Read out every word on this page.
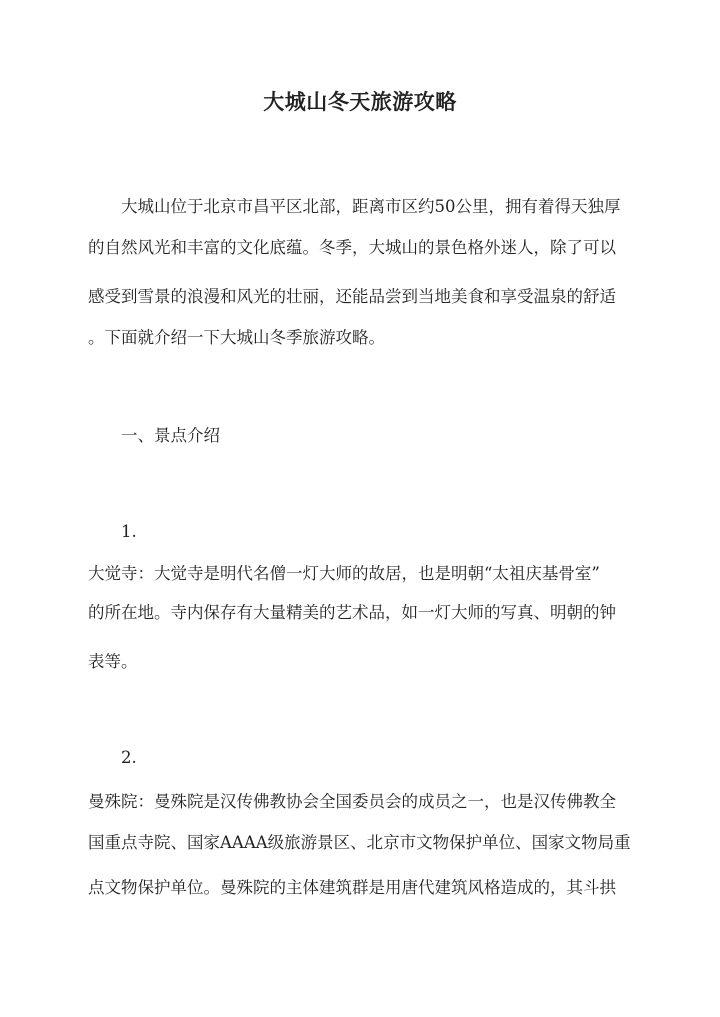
大城山冬天旅游攻略
大城山位于北京市昌平区北部，距离市区约50公里，拥有着得天独厚
的自然风光和丰富的文化底蕴。冬季，大城山的景色格外迷人，除了可以
感受到雪景的浪漫和风光的壮丽，还能品尝到当地美食和享受温泉的舒适
。下面就介绍一下大城山冬季旅游攻略。
一、景点介绍
1.
大觉寺：大觉寺是明代名僧一灯大师的故居，也是明朝“太祖庆基骨室”
的所在地。寺内保存有大量精美的艺术品，如一灯大师的写真、明朝的钟
表等。
2.
曼殊院：曼殊院是汉传佛教协会全国委员会的成员之一，也是汉传佛教全
国重点寺院、国家AAAA级旅游景区、北京市文物保护单位、国家文物局重
点文物保护单位。曼殊院的主体建筑群是用唐代建筑风格造成的，其斗拱
